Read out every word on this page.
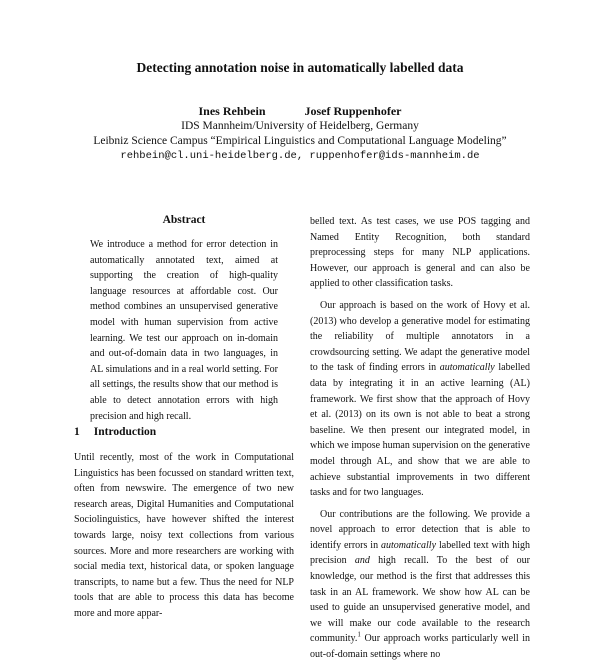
Detecting annotation noise in automatically labelled data
Ines Rehbein	Josef Ruppenhofer
IDS Mannheim/University of Heidelberg, Germany
Leibniz Science Campus “Empirical Linguistics and Computational Language Modeling”
rehbein@cl.uni-heidelberg.de, ruppenhofer@ids-mannheim.de
Abstract

We introduce a method for error detection in automatically annotated text, aimed at supporting the creation of high-quality language resources at affordable cost. Our method combines an unsupervised generative model with human supervision from active learning. We test our approach on in-domain and out-of-domain data in two languages, in AL simulations and in a real world setting. For all settings, the results show that our method is able to detect annotation errors with high precision and high recall.

1 Introduction

Until recently, most of the work in Computational Linguistics has been focussed on standard written text, often from newswire. The emergence of two new research areas, Digital Humanities and Computational Sociolinguistics, have however shifted the interest towards large, noisy text collections from various sources. More and more researchers are working with social media text, historical data, or spoken language transcripts, to name but a few. Thus the need for NLP tools that are able to process this data has become more and more appar-

belled text. As test cases, we use POS tagging and Named Entity Recognition, both standard preprocessing steps for many NLP applications. However, our approach is general and can also be applied to other classification tasks.

Our approach is based on the work of Hovy et al. (2013) who develop a generative model for estimating the reliability of multiple annotators in a crowdsourcing setting. We adapt the generative model to the task of finding errors in automatically labelled data by integrating it in an active learning (AL) framework. We first show that the approach of Hovy et al. (2013) on its own is not able to beat a strong baseline. We then present our integrated model, in which we impose human supervision on the generative model through AL, and show that we are able to achieve substantial improvements in two different tasks and for two languages.

Our contributions are the following. We provide a novel approach to error detection that is able to identify errors in automatically labelled text with high precision and high recall. To the best of our knowledge, our method is the first that addresses this task in an AL framework. We show how AL can be used to guide an unsupervised generative model, and we will make our code available to the research community.$^1$ Our approach works particularly well in out-of-domain settings where no
